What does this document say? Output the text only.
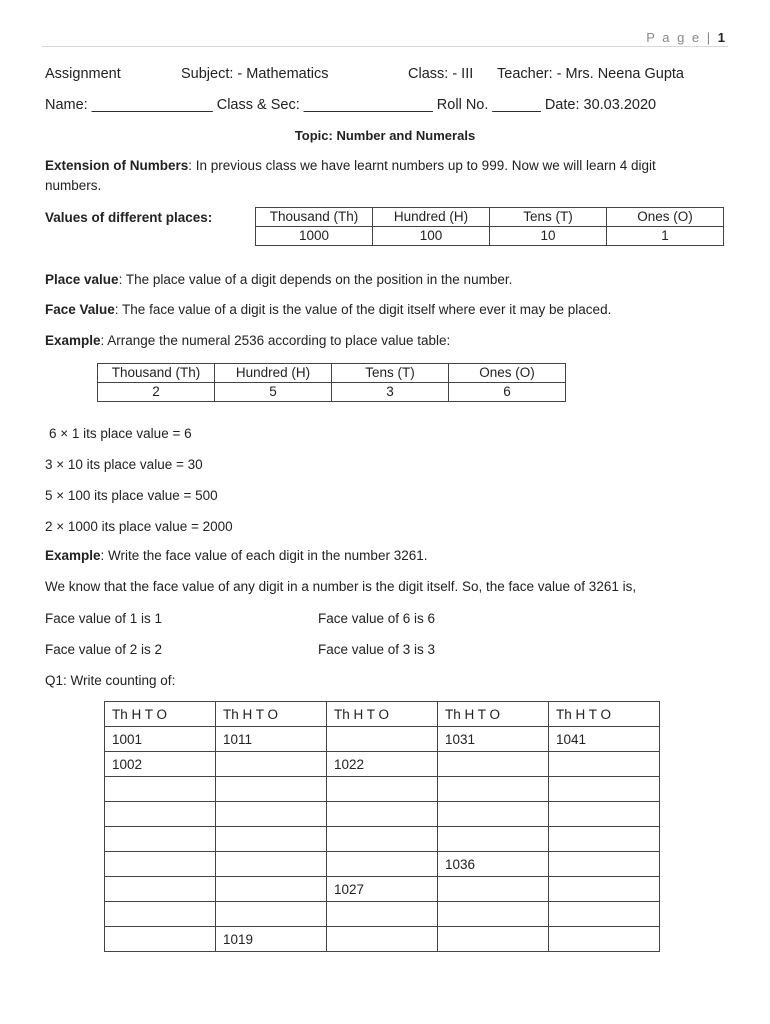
P a g e | 1
Assignment	Subject: - Mathematics	Class: - III Teacher: - Mrs. Neena Gupta
Name: _______________ Class & Sec: ________________ Roll No. ______ Date: 30.03.2020
Topic: Number and Numerals
Extension of Numbers: In previous class we have learnt numbers up to 999. Now we will learn 4 digit
numbers.
Values of different places:	Thousand (Th)	Hundred (H)	Tens (T)	Ones (O)
1000	100	10	1
Place value: The place value of a digit depends on the position in the number.
Face Value: The face value of a digit is the value of the digit itself where ever it may be placed.
Example: Arrange the numeral 2536 according to place value table:
Thousand (Th)	Hundred (H)	Tens (T)	Ones (O)
2	5	3	6
6 × 1 its place value = 6
3 × 10 its place value = 30
5 × 100 its place value = 500
2 × 1000 its place value = 2000
Example: Write the face value of each digit in the number 3261.
We know that the face value of any digit in a number is the digit itself. So, the face value of 3261 is,
Face value of 1 is 1	Face value of 6 is 6
Face value of 2 is 2	Face value of 3 is 3
Q1: Write counting of:
Th H T O	Th H T O	Th H T O	Th H T O	Th H T O
1001	1011		1031	1041
1002		1022		

			1036	
		1027		

	1019			
